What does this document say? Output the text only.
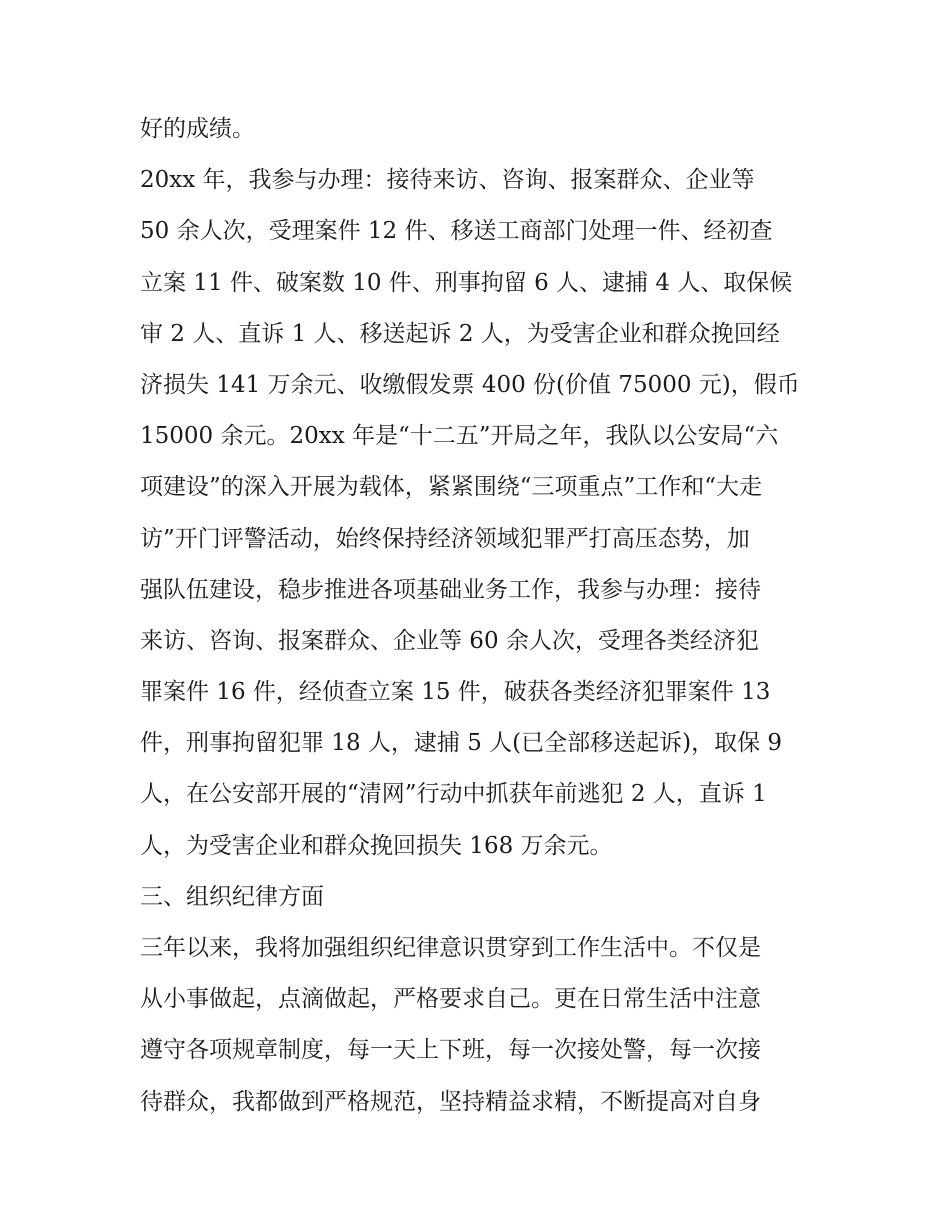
好的成绩。
20xx 年，我参与办理：接待来访、咨询、报案群众、企业等
50 余人次，受理案件 12 件、移送工商部门处理一件、经初查
立案 11 件、破案数 10 件、刑事拘留 6 人、逮捕 4 人、取保候
审 2 人、直诉 1 人、移送起诉 2 人，为受害企业和群众挽回经
济损失 141 万余元、收缴假发票 400 份(价值 75000 元)，假币
15000 余元。20xx 年是“十二五”开局之年，我队以公安局“六
项建设”的深入开展为载体，紧紧围绕“三项重点”工作和“大走
访”开门评警活动，始终保持经济领域犯罪严打高压态势，加
强队伍建设，稳步推进各项基础业务工作，我参与办理：接待
来访、咨询、报案群众、企业等 60 余人次，受理各类经济犯
罪案件 16 件，经侦查立案 15 件，破获各类经济犯罪案件 13
件，刑事拘留犯罪 18 人，逮捕 5 人(已全部移送起诉)，取保 9
人，在公安部开展的“清网”行动中抓获年前逃犯 2 人，直诉 1
人，为受害企业和群众挽回损失 168 万余元。
三、组织纪律方面
三年以来，我将加强组织纪律意识贯穿到工作生活中。不仅是
从小事做起，点滴做起，严格要求自己。更在日常生活中注意
遵守各项规章制度，每一天上下班，每一次接处警，每一次接
待群众，我都做到严格规范，坚持精益求精，不断提高对自身
